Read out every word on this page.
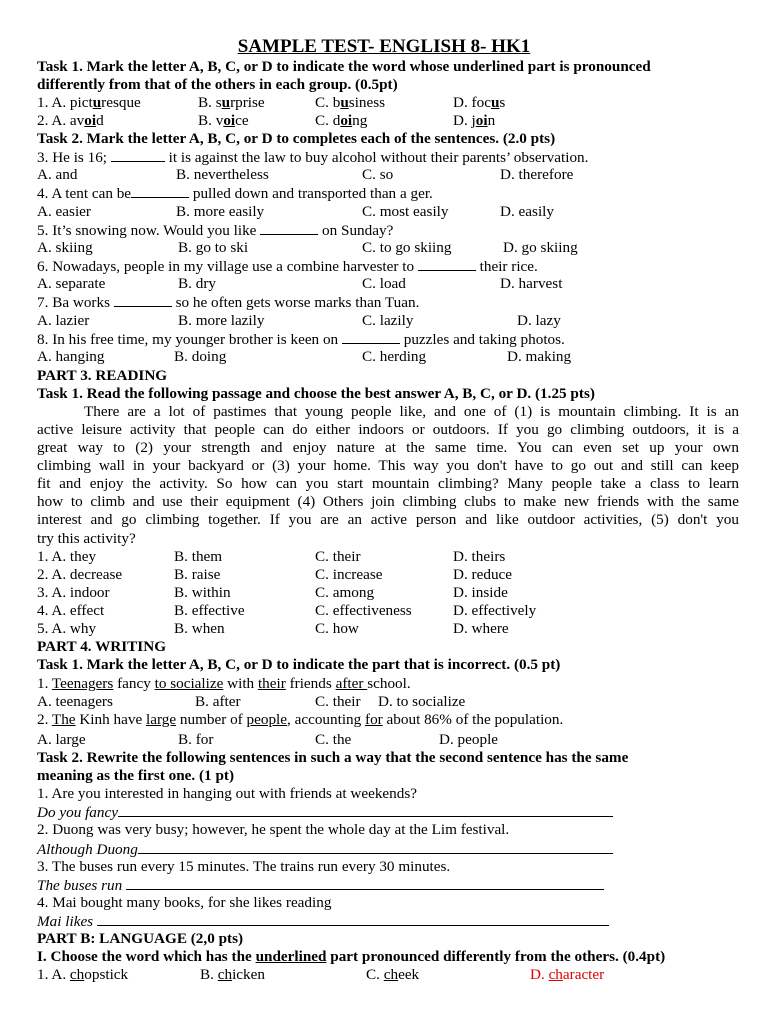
SAMPLE TEST- ENGLISH 8- HK1
Task 1. Mark the letter A, B, C, or D to indicate the word whose underlined part is pronounced
differently from that of the others in each group. (0.5pt)
1. A. picturesque	B. surprise	C. business	D. focus
2. A. avoid	B. voice	C. doing	D. join
Task 2. Mark the letter A, B, C, or D to completes each of the sentences. (2.0 pts)
3. He is 16;	it is against the law to buy alcohol without their parents’ observation.
A. and	B. nevertheless	C. so	D. therefore
4. A tent can be	pulled down and transported than a ger.
A. easier	B. more easily	C. most easily	D. easily
5. It’s snowing now. Would you like	on Sunday?
A. skiing	B. go to ski	C. to go skiing	D. go skiing
6. Nowadays, people in my village use a combine harvester to	their rice.
A. separate	B. dry	C. load	D. harvest
7. Ba works	so he often gets worse marks than Tuan.
A. lazier	B. more lazily	C. lazily	D. lazy
8. In his free time, my younger brother is keen on	puzzles and taking photos.
A. hanging	B. doing	C. herding	D. making
PART 3. READING
Task 1. Read the following passage and choose the best answer A, B, C, or D. (1.25 pts)
There are a lot of pastimes that young people like, and one of (1) is mountain climbing. It is an
active leisure activity that people can do either indoors or outdoors. If you go climbing outdoors, it is a
great way to (2) your strength and enjoy nature at the same time. You can even set up your own
climbing wall in your backyard or (3) your home. This way you don't have to go out and still can keep
fit and enjoy the activity. So how can you start mountain climbing? Many people take a class to learn
how to climb and use their equipment (4) Others join climbing clubs to make new friends with the same
interest and go climbing together. If you are an active person and like outdoor activities, (5) don't you
try this activity?
1. A. they	B. them	C. their	D. theirs
2. A. decrease	B. raise	C. increase	D. reduce
3. A. indoor	B. within	C. among	D. inside
4. A. effect	B. effective	C. effectiveness	D. effectively
5. A. why	B. when	C. how	D. where
PART 4. WRITING
Task 1. Mark the letter A, B, C, or D to indicate the part that is incorrect. (0.5 pt)
1. Teenagers fancy to socialize with their friends after school.
A. teenagers	B. after	C. their D. to socialize
2. The Kinh have large number of people, accounting for about 86% of the population.
A. large	B. for	C. the	D. people
Task 2. Rewrite the following sentences in such a way that the second sentence has the same
meaning as the first one. (1 pt)
1. Are you interested in hanging out with friends at weekends?
Do you fancy
2. Duong was very busy; however, he spent the whole day at the Lim festival.
Although Duong
3. The buses run every 15 minutes. The trains run every 30 minutes.
The buses run
4. Mai bought many books, for she likes reading
Mai likes
PART B: LANGUAGE (2,0 pts)
I. Choose the word which has the underlined part pronounced differently from the others. (0.4pt)
1. A. chopstick	B. chicken	C. cheek	D. character
